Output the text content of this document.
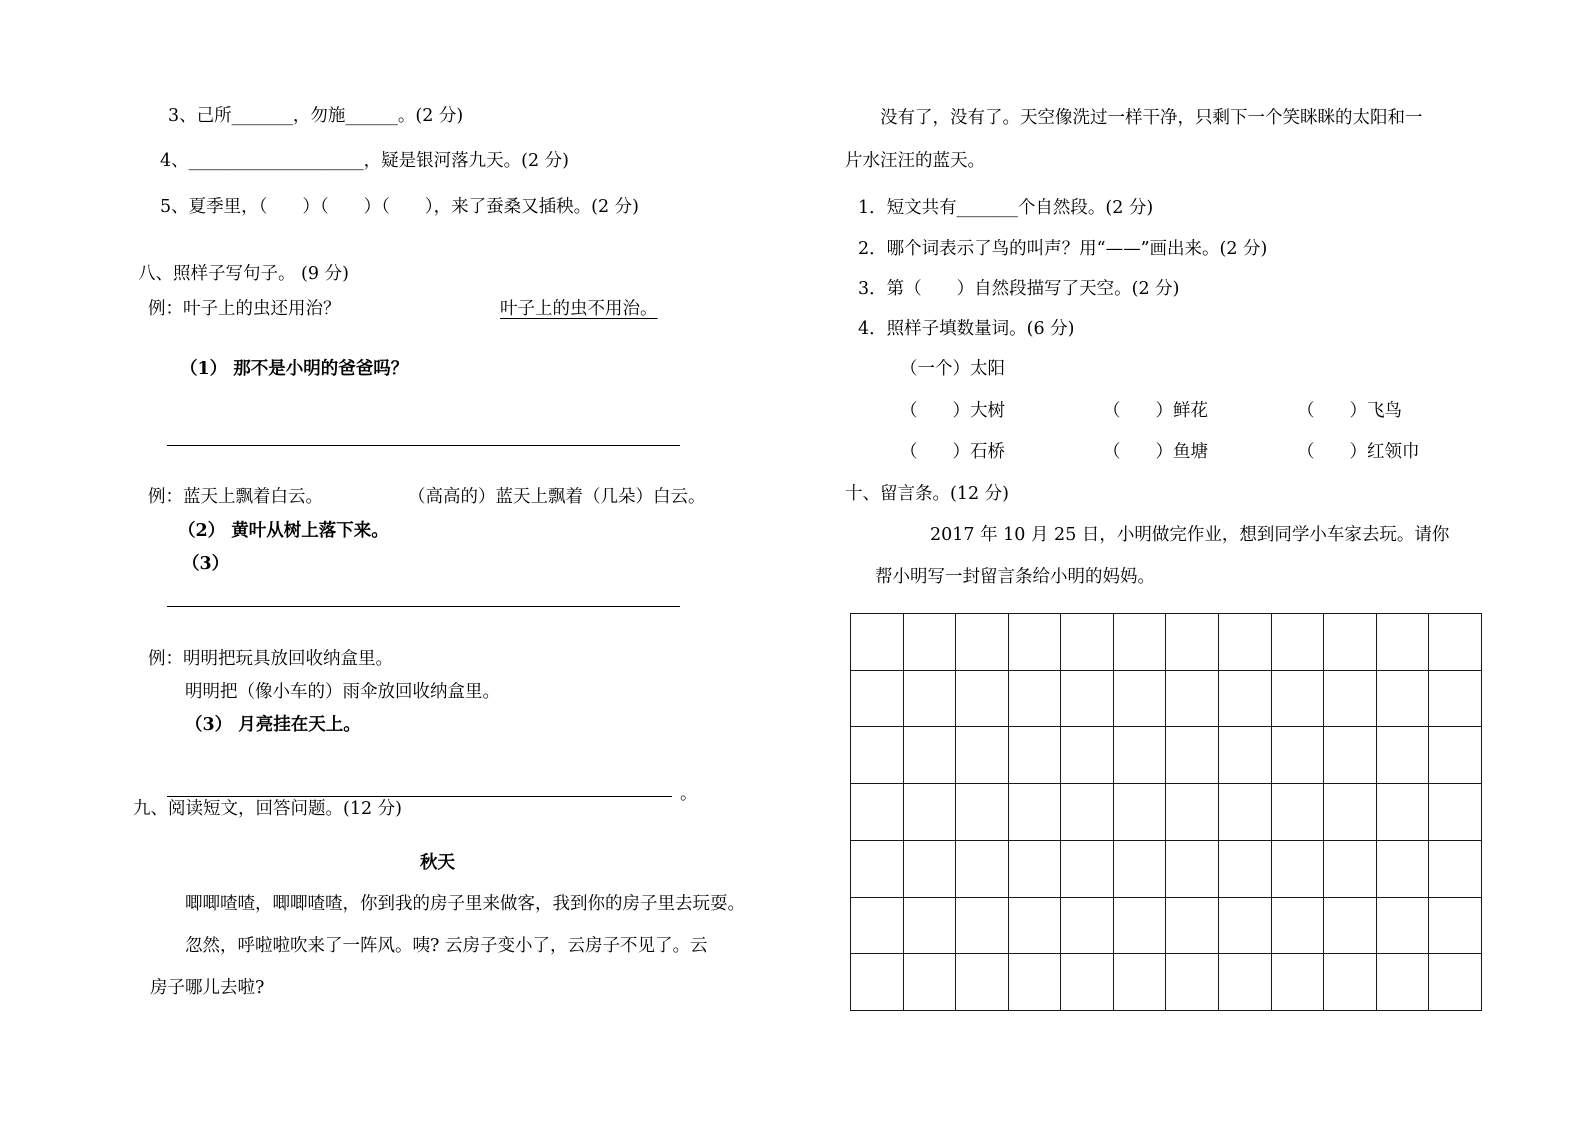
3、己所_______，勿施______。(2 分)
4、____________________，疑是银河落九天。(2 分)
5、夏季里，（　　）（　　）（　　），来了蚕桑又插秧。(2 分)
八、照样子写句子。 (9 分)
例：叶子上的虫还用治？	叶子上的虫不用治。
（1） 那不是小明的爸爸吗？
例：蓝天上飘着白云。	（高高的）蓝天上飘着（几朵）白云。
（2） 黄叶从树上落下来。
（3）
例：明明把玩具放回收纳盒里。
明明把（像小车的）雨伞放回收纳盒里。
（3） 月亮挂在天上。
。
九、阅读短文，回答问题。(12 分)
秋天
唧唧喳喳，唧唧喳喳，你到我的房子里来做客，我到你的房子里去玩耍。
忽然，呼啦啦吹来了一阵风。咦? 云房子变小了，云房子不见了。云
房子哪儿去啦?
没有了，没有了。天空像洗过一样干净，只剩下一个笑眯眯的太阳和一
片水汪汪的蓝天。
1．短文共有_______个自然段。(2 分)
2．哪个词表示了鸟的叫声？用“——”画出来。(2 分)
3．第（　　）自然段描写了天空。(2 分)
4．照样子填数量词。(6 分)
（一个）太阳
（　　）大树	（　　）鲜花	（　　）飞鸟
（　　）石桥	（　　）鱼塘	（　　）红领巾
十、留言条。(12 分)
2017 年 10 月 25 日，小明做完作业，想到同学小车家去玩。请你
帮小明写一封留言条给小明的妈妈。
